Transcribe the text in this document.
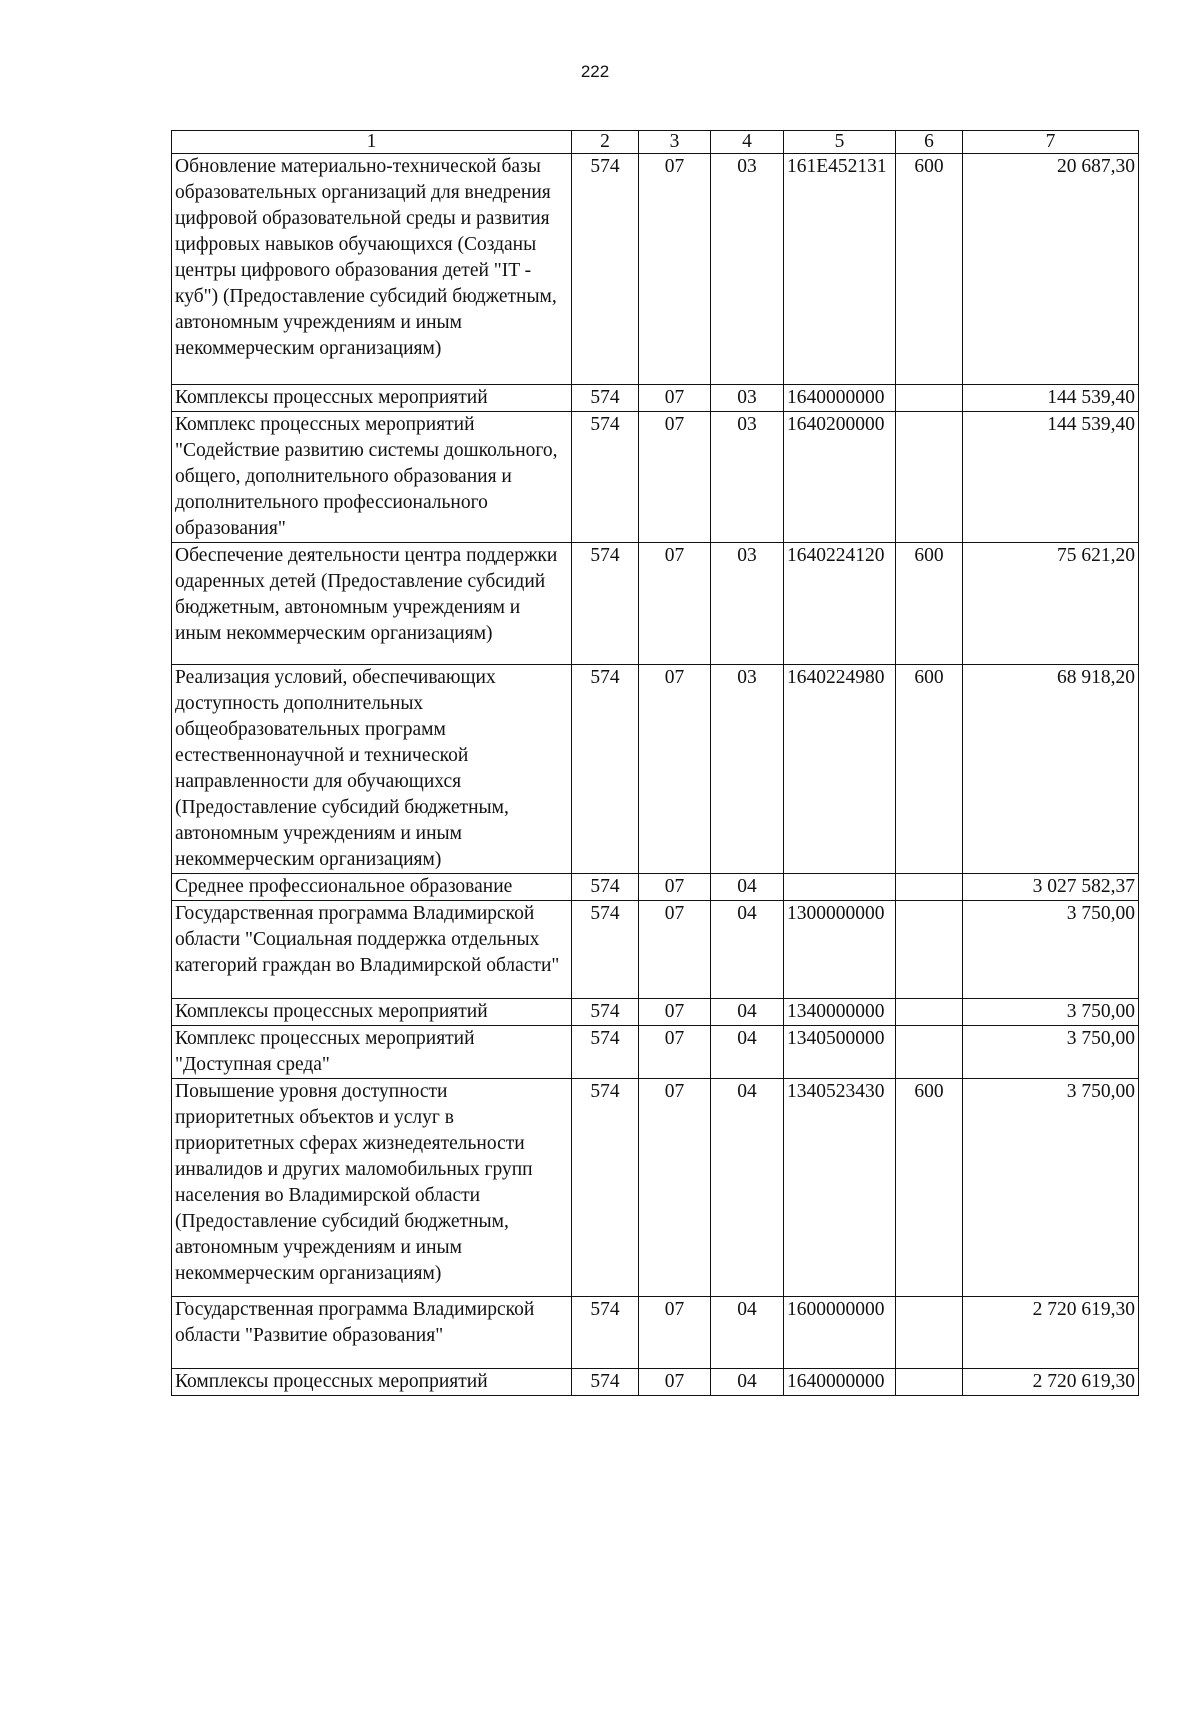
222
1	2	3	4	5	6	7
Обновление материально-технической базы образовательных организаций для внедрения цифровой образовательной среды и развития цифровых навыков обучающихся (Созданы центры цифрового образования детей "IT - куб") (Предоставление субсидий бюджетным, автономным учреждениям и иным некоммерческим организациям)	574	07	03	161E452131	600	20 687,30
Комплексы процессных мероприятий	574	07	03	1640000000		144 539,40
Комплекс процессных мероприятий "Содействие развитию системы дошкольного, общего, дополнительного образования и дополнительного профессионального образования"	574	07	03	1640200000		144 539,40
Обеспечение деятельности центра поддержки одаренных детей (Предоставление субсидий бюджетным, автономным учреждениям и иным некоммерческим организациям)	574	07	03	1640224120	600	75 621,20
Реализация условий, обеспечивающих доступность дополнительных общеобразовательных программ естественнонаучной и технической направленности для обучающихся (Предоставление субсидий бюджетным, автономным учреждениям и иным некоммерческим организациям)	574	07	03	1640224980	600	68 918,20
Среднее профессиональное образование	574	07	04			3 027 582,37
Государственная программа Владимирской области "Социальная поддержка отдельных категорий граждан во Владимирской области"	574	07	04	1300000000		3 750,00
Комплексы процессных мероприятий	574	07	04	1340000000		3 750,00
Комплекс процессных мероприятий "Доступная среда"	574	07	04	1340500000		3 750,00
Повышение уровня доступности приоритетных объектов и услуг в приоритетных сферах жизнедеятельности инвалидов и других маломобильных групп населения во Владимирской области (Предоставление субсидий бюджетным, автономным учреждениям и иным некоммерческим организациям)	574	07	04	1340523430	600	3 750,00
Государственная программа Владимирской области "Развитие образования"	574	07	04	1600000000		2 720 619,30
Комплексы процессных мероприятий	574	07	04	1640000000		2 720 619,30
